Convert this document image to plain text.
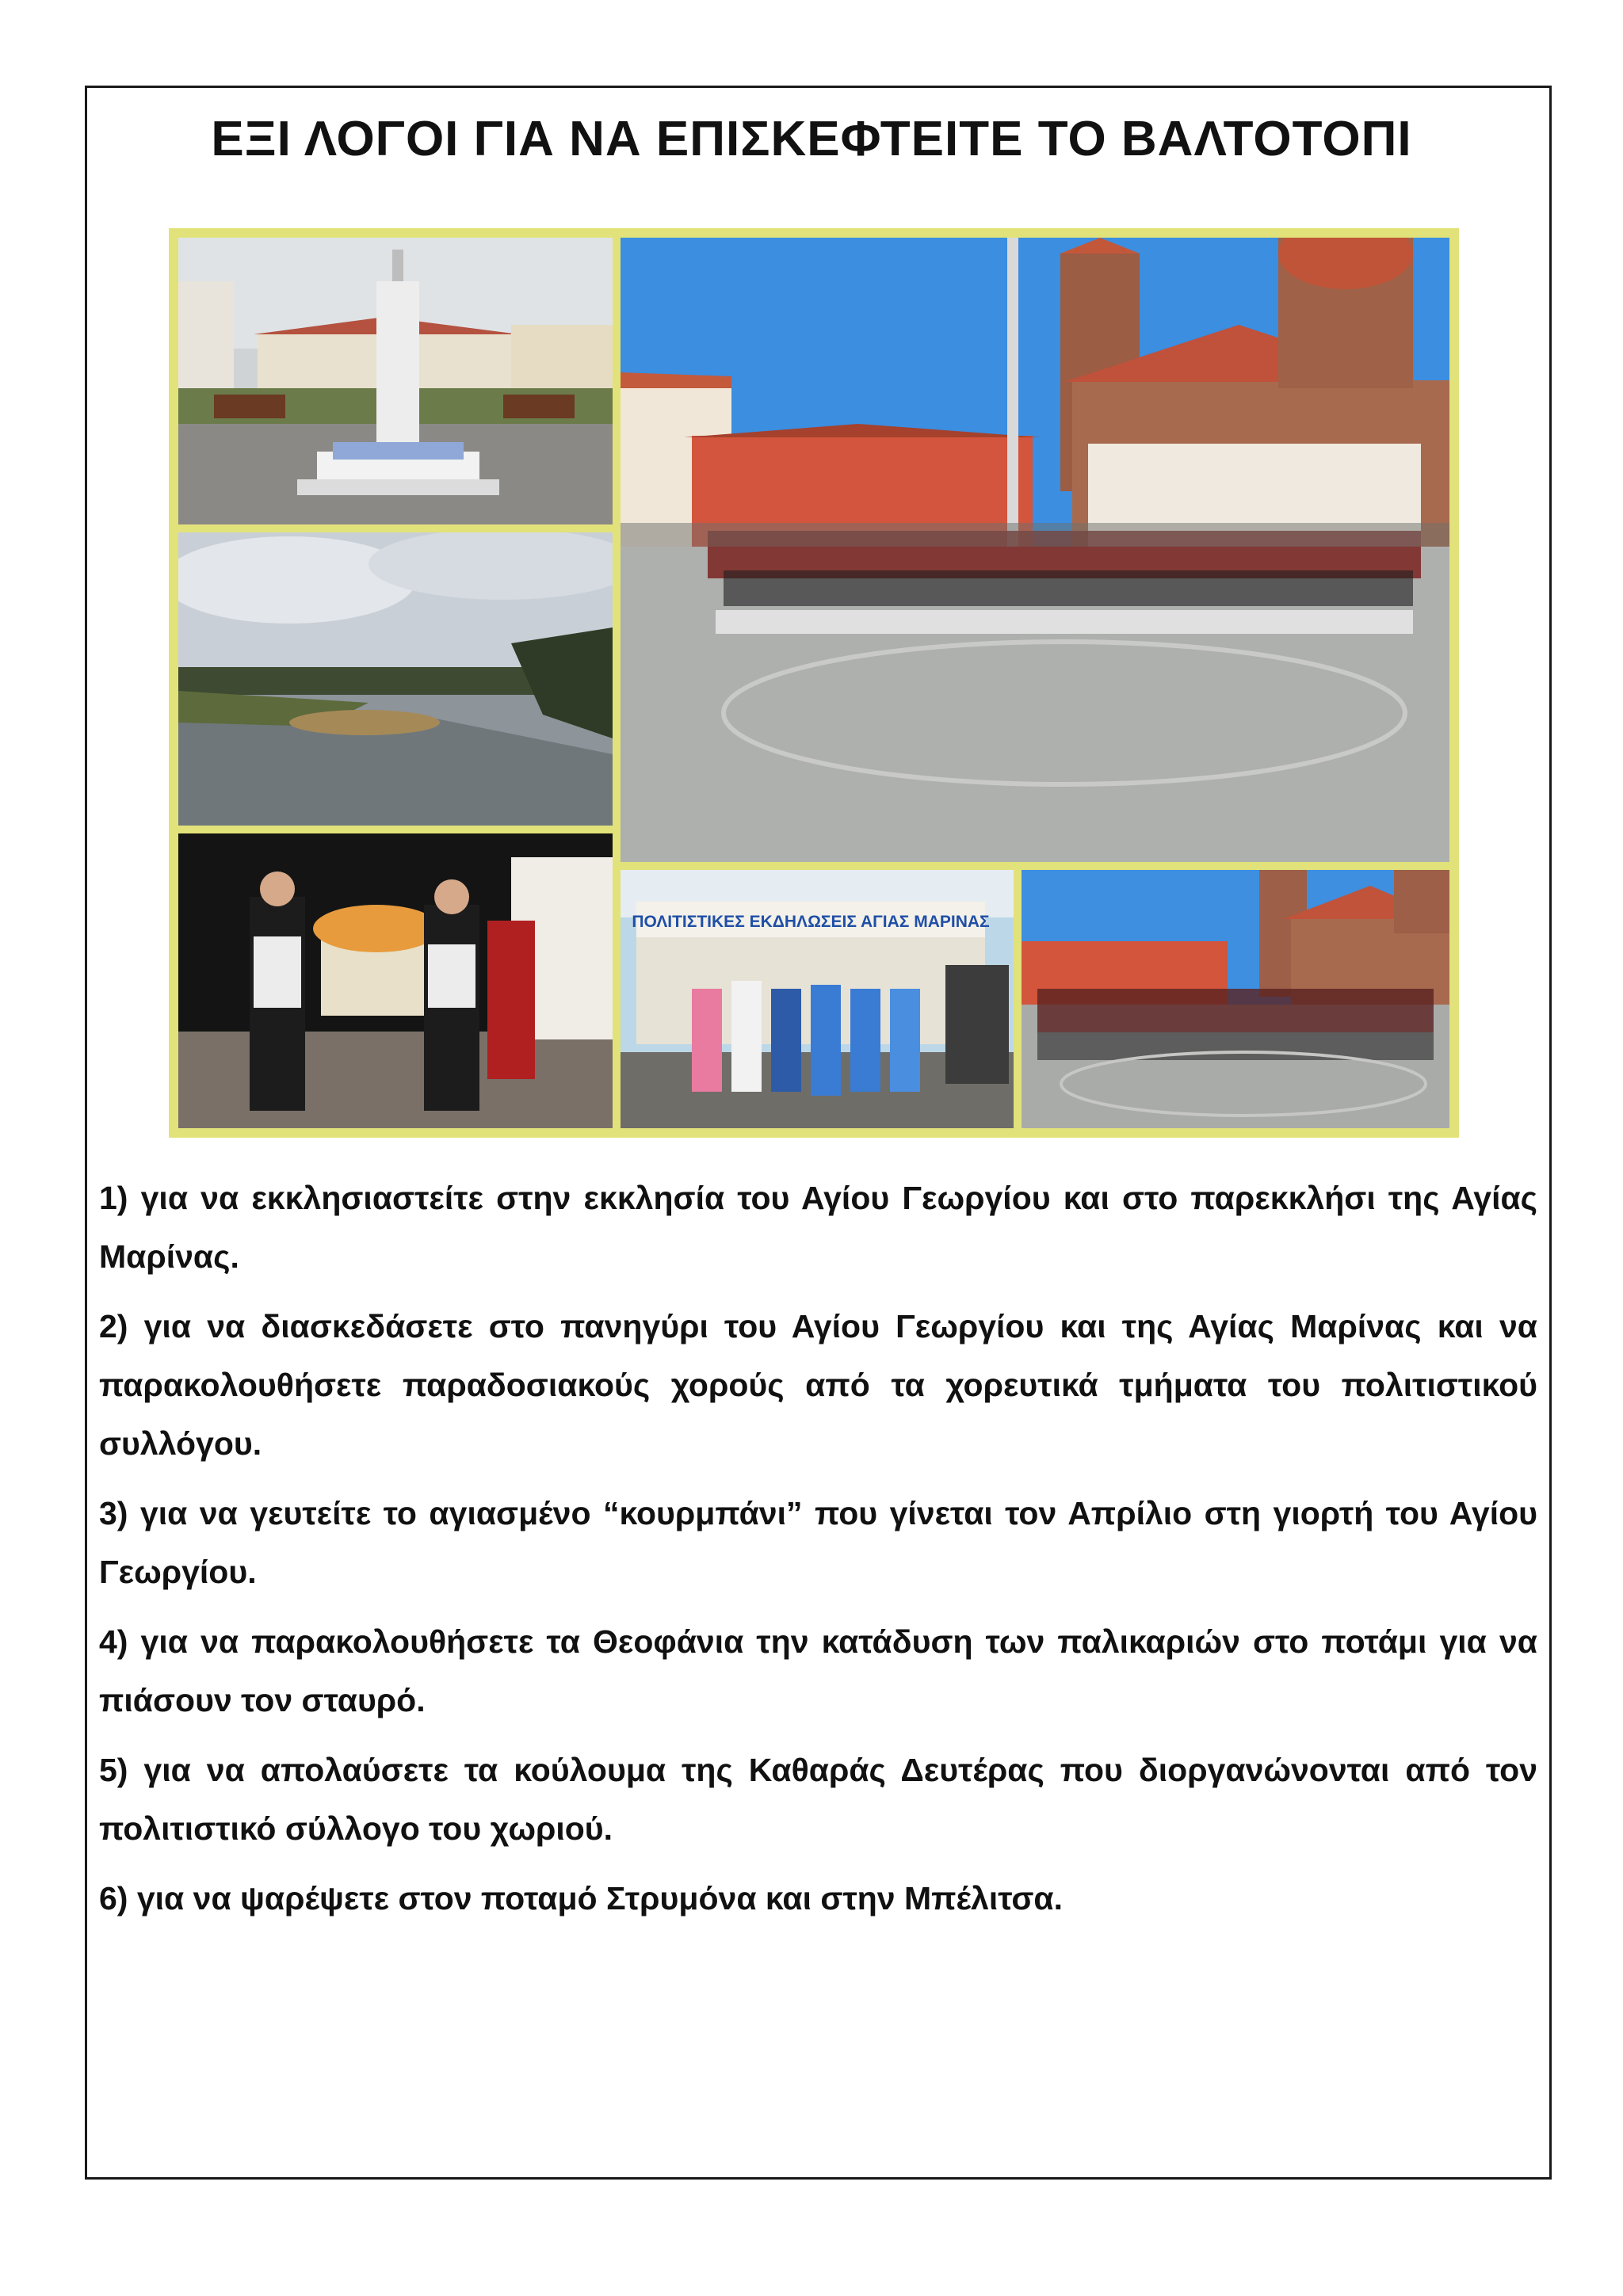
ΕΞΙ ΛΟΓΟΙ ΓΙΑ ΝΑ ΕΠΙΣΚΕΦΤΕΙΤΕ ΤΟ ΒΑΛΤΟΤΟΠΙ
ΠΟΛΙΤΙΣΤΙΚΕΣ ΕΚΔΗΛΩΣΕΙΣ ΑΓΙΑΣ ΜΑΡΙΝΑΣ

1) για να εκκλησιαστείτε στην εκκλησία του Αγίου Γεωργίου και στο παρεκκλήσι της Αγίας Μαρίνας.

2) για να διασκεδάσετε στο πανηγύρι του Αγίου Γεωργίου και της Αγίας Μαρίνας και να παρακολουθήσετε παραδοσιακούς χορούς από τα χορευτικά τμήματα του πολιτιστικού συλλόγου.

3) για να γευτείτε το αγιασμένο “κουρμπάνι” που γίνεται τον Απρίλιο στη γιορτή του Αγίου Γεωργίου.

4) για να παρακολουθήσετε τα Θεοφάνια την κατάδυση των παλικαριών στο ποτάμι για να πιάσουν τον σταυρό.

5) για να απολαύσετε τα κούλουμα της Καθαράς Δευτέρας που διοργανώνονται από τον πολιτιστικό σύλλογο του χωριού.

6) για να ψαρέψετε στον ποταμό Στρυμόνα και στην Μπέλιτσα.
